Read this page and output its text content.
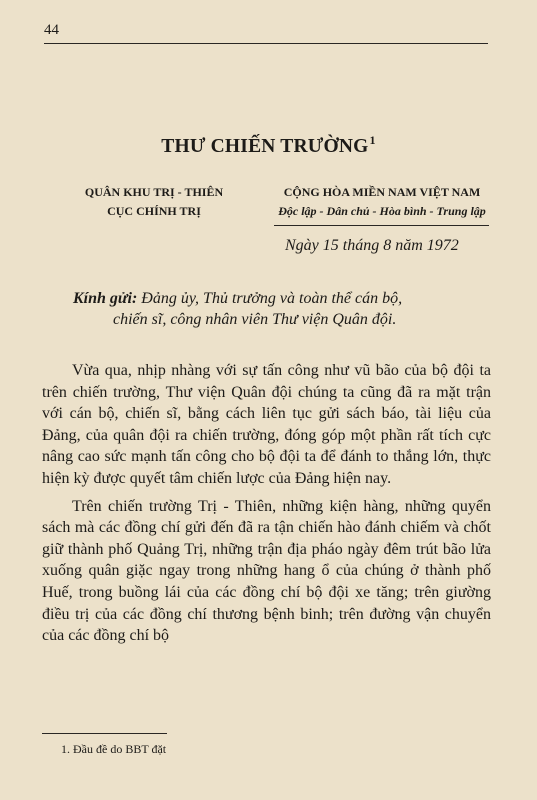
44
THƯ CHIẾN TRƯỜNG$^1$
QUÂN KHU TRỊ - THIÊN
CỤC CHÍNH TRỊ
CỘNG HÒA MIỀN NAM VIỆT NAM
Độc lập - Dân chủ - Hòa bình - Trung lập
Ngày 15 tháng 8 năm 1972
Kính gửi: Đảng ủy, Thủ trưởng và toàn thể cán bộ,
chiến sĩ, công nhân viên Thư viện Quân đội.

Vừa qua, nhịp nhàng với sự tấn công như vũ bão của bộ đội ta trên chiến trường, Thư viện Quân đội chúng ta cũng đã ra mặt trận với cán bộ, chiến sĩ, bằng cách liên tục gửi sách báo, tài liệu của Đảng, của quân đội ra chiến trường, đóng góp một phần rất tích cực nâng cao sức mạnh tấn công cho bộ đội ta để đánh to thắng lớn, thực hiện kỳ được quyết tâm chiến lược của Đảng hiện nay.

Trên chiến trường Trị - Thiên, những kiện hàng, những quyển sách mà các đồng chí gửi đến đã ra tận chiến hào đánh chiếm và chốt giữ thành phố Quảng Trị, những trận địa pháo ngày đêm trút bão lửa xuống quân giặc ngay trong những hang ổ của chúng ở thành phố Huế, trong buồng lái của các đồng chí bộ đội xe tăng; trên giường điều trị của các đồng chí thương bệnh binh; trên đường vận chuyển của các đồng chí bộ

1. Đầu đề do BBT đặt
